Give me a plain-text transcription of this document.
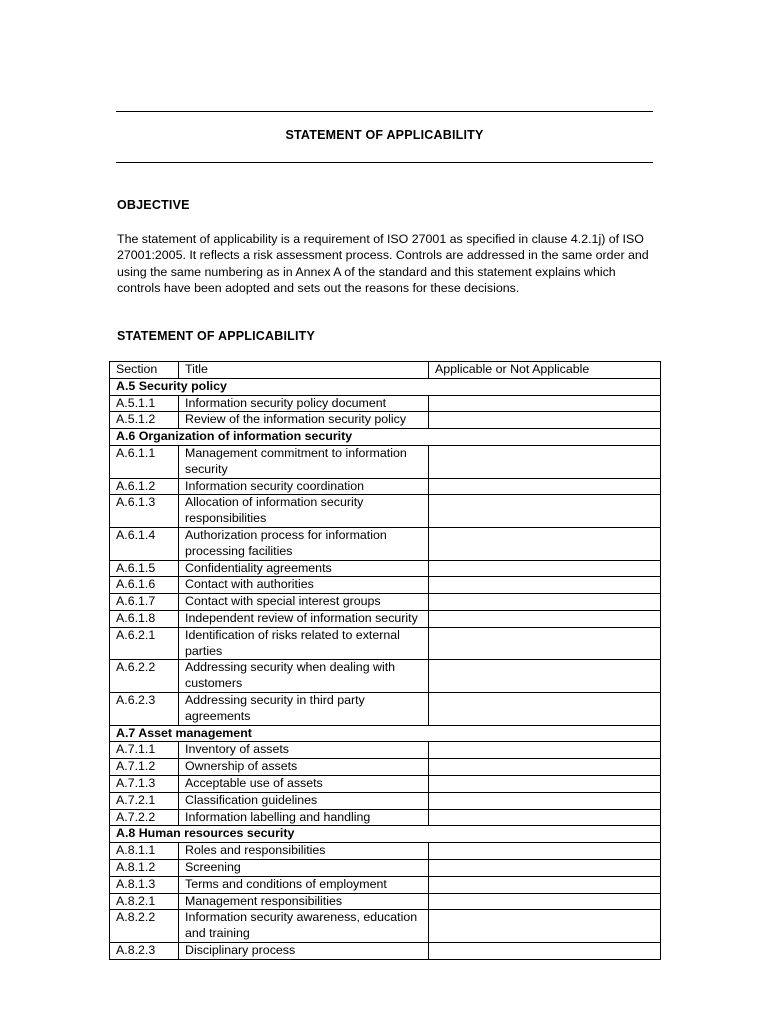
STATEMENT OF APPLICABILITY
OBJECTIVE

The statement of applicability is a requirement of ISO 27001 as specified in clause 4.2.1j) of ISO 27001:2005. It reflects a risk assessment process. Controls are addressed in the same order and using the same numbering as in Annex A of the standard and this statement explains which controls have been adopted and sets out the reasons for these decisions.

STATEMENT OF APPLICABILITY
Section	Title	Applicable or Not Applicable
A.5 Security policy		
A.5.1.1	Information security policy document	
A.5.1.2	Review of the information security policy	
A.6 Organization of information security		
A.6.1.1	Management commitment to information security	
A.6.1.2	Information security coordination	
A.6.1.3	Allocation of information security responsibilities	
A.6.1.4	Authorization process for information processing facilities	
A.6.1.5	Confidentiality agreements	
A.6.1.6	Contact with authorities	
A.6.1.7	Contact with special interest groups	
A.6.1.8	Independent review of information security	
A.6.2.1	Identification of risks related to external parties	
A.6.2.2	Addressing security when dealing with customers	
A.6.2.3	Addressing security in third party agreements	
A.7 Asset management		
A.7.1.1	Inventory of assets	
A.7.1.2	Ownership of assets	
A.7.1.3	Acceptable use of assets	
A.7.2.1	Classification guidelines	
A.7.2.2	Information labelling and handling	
A.8 Human resources security		
A.8.1.1	Roles and responsibilities	
A.8.1.2	Screening	
A.8.1.3	Terms and conditions of employment	
A.8.2.1	Management responsibilities	
A.8.2.2	Information security awareness, education and training	
A.8.2.3	Disciplinary process	
